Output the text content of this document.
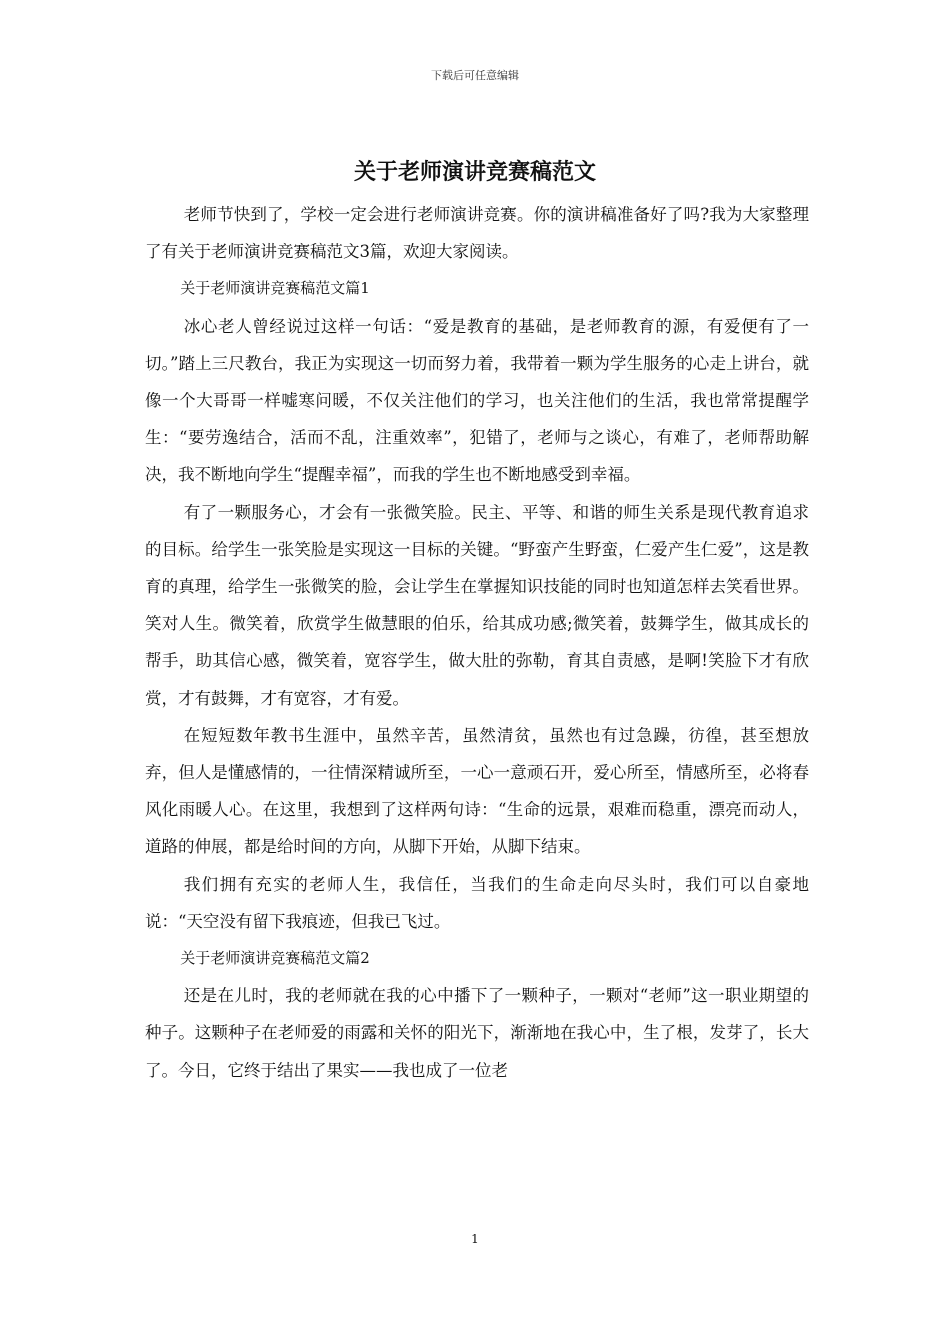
下载后可任意编辑
关于老师演讲竞赛稿范文

老师节快到了，学校一定会进行老师演讲竞赛。你的演讲稿准备好了吗?我为大家整理了有关于老师演讲竞赛稿范文3篇，欢迎大家阅读。

关于老师演讲竞赛稿范文篇1

冰心老人曾经说过这样一句话：“爱是教育的基础，是老师教育的源，有爱便有了一切。”踏上三尺教台，我正为实现这一切而努力着，我带着一颗为学生服务的心走上讲台，就像一个大哥哥一样嘘寒问暖，不仅关注他们的学习，也关注他们的生活，我也常常提醒学生：“要劳逸结合，活而不乱，注重效率”，犯错了，老师与之谈心，有难了，老师帮助解决，我不断地向学生“提醒幸福”，而我的学生也不断地感受到幸福。

有了一颗服务心，才会有一张微笑脸。民主、平等、和谐的师生关系是现代教育追求的目标。给学生一张笑脸是实现这一目标的关键。“野蛮产生野蛮，仁爱产生仁爱”，这是教育的真理，给学生一张微笑的脸，会让学生在掌握知识技能的同时也知道怎样去笑看世界。笑对人生。微笑着，欣赏学生做慧眼的伯乐，给其成功感;微笑着，鼓舞学生，做其成长的帮手，助其信心感，微笑着，宽容学生，做大肚的弥勒，育其自责感，是啊!笑脸下才有欣赏，才有鼓舞，才有宽容，才有爱。

在短短数年教书生涯中，虽然辛苦，虽然清贫，虽然也有过急躁，彷徨，甚至想放弃，但人是懂感情的，一往情深精诚所至，一心一意顽石开，爱心所至，情感所至，必将春风化雨暖人心。在这里，我想到了这样两句诗：“生命的远景，艰难而稳重，漂亮而动人，道路的伸展，都是给时间的方向，从脚下开始，从脚下结束。

我们拥有充实的老师人生，我信任，当我们的生命走向尽头时，我们可以自豪地说：“天空没有留下我痕迹，但我已飞过。

关于老师演讲竞赛稿范文篇2

还是在儿时，我的老师就在我的心中播下了一颗种子，一颗对“老师”这一职业期望的种子。这颗种子在老师爱的雨露和关怀的阳光下，渐渐地在我心中，生了根，发芽了，长大了。今日，它终于结出了果实——我也成了一位老

1
